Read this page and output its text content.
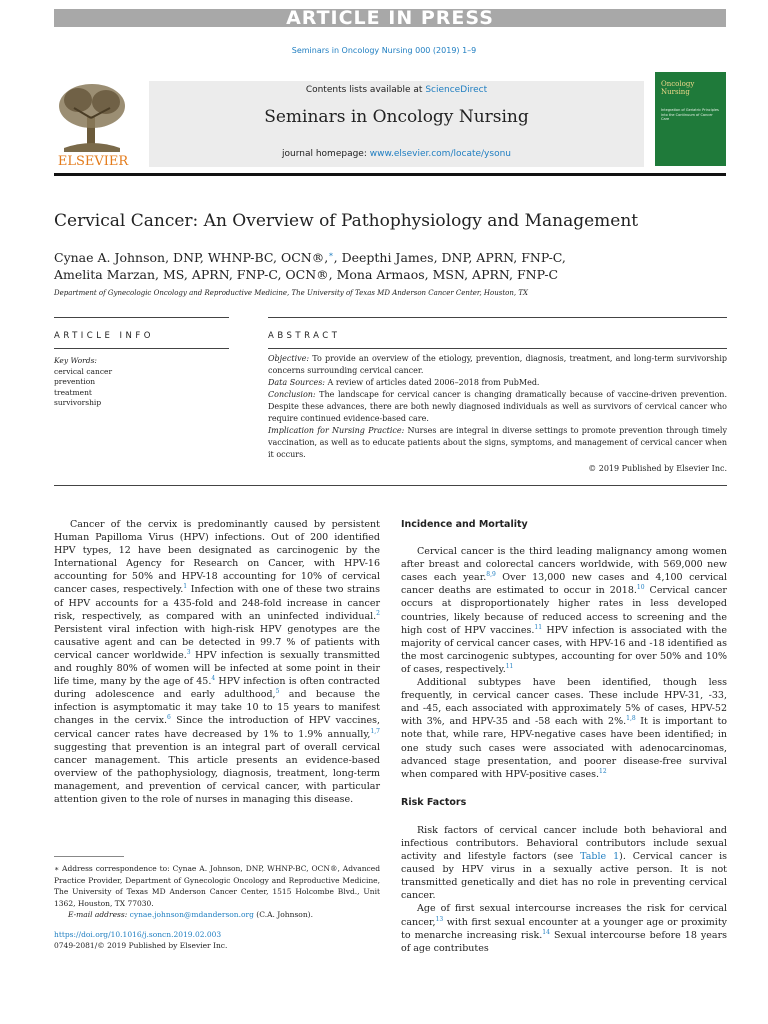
ARTICLE IN PRESS
Seminars in Oncology Nursing 000 (2019) 1–9
ELSEVIER
Contents lists available at ScienceDirect
Seminars in Oncology Nursing
journal homepage: www.elsevier.com/locate/ysonu
Oncology Nursing
Integration of Geriatric Principles into the Continuum of Cancer Care
Cervical Cancer: An Overview of Pathophysiology and Management
Cynae A. Johnson, DNP, WHNP-BC, OCN®,∗, Deepthi James, DNP, APRN, FNP-C,
Amelita Marzan, MS, APRN, FNP-C, OCN®, Mona Armaos, MSN, APRN, FNP-C
Department of Gynecologic Oncology and Reproductive Medicine, The University of Texas MD Anderson Cancer Center, Houston, TX
ARTICLE INFO	ABSTRACT
Key Words:
cervical cancer
prevention
treatment
survivorship

Objective: To provide an overview of the etiology, prevention, diagnosis, treatment, and long-term survivorship concerns surrounding cervical cancer.

Data Sources: A review of articles dated 2006–2018 from PubMed.

Conclusion: The landscape for cervical cancer is changing dramatically because of vaccine-driven prevention. Despite these advances, there are both newly diagnosed individuals as well as survivors of cervical cancer who require continued evidence-based care.

Implication for Nursing Practice: Nurses are integral in diverse settings to promote prevention through timely vaccination, as well as to educate patients about the signs, symptoms, and management of cervical cancer when it occurs.

© 2019 Published by Elsevier Inc.

Cancer of the cervix is predominantly caused by persistent Human Papilloma Virus (HPV) infections. Out of 200 identified HPV types, 12 have been designated as carcinogenic by the International Agency for Research on Cancer, with HPV-16 accounting for 50% and HPV-18 accounting for 10% of cervical cancer cases, respectively.$^1$ Infection with one of these two strains of HPV accounts for a 435-fold and 248-fold increase in cancer risk, respectively, as compared with an uninfected individual.$^2$ Persistent viral infection with high-risk HPV genotypes are the causative agent and can be detected in 99.7 % of patients with cervical cancer worldwide.$^3$ HPV infection is sexually transmitted and roughly 80% of women will be infected at some point in their life time, many by the age of 45.$^4$ HPV infection is often contracted during adolescence and early adulthood,$^5$ and because the infection is asymptomatic it may take 10 to 15 years to manifest changes in the cervix.$^6$ Since the introduction of HPV vaccines, cervical cancer rates have decreased by 1% to 1.9% annually,$^{1,7}$ suggesting that prevention is an integral part of overall cervical cancer management. This article presents an evidence-based overview of the pathophysiology, diagnosis, treatment, long-term management, and prevention of cervical cancer, with particular attention given to the role of nurses in managing this disease.

∗ Address correspondence to: Cynae A. Johnson, DNP, WHNP-BC, OCN®, Advanced Practice Provider, Department of Gynecologic Oncology and Reproductive Medicine, The University of Texas MD Anderson Cancer Center, 1515 Holcombe Blvd., Unit 1362, Houston, TX 77030.

E-mail address: cynae.johnson@mdanderson.org (C.A. Johnson).

https://doi.org/10.1016/j.soncn.2019.02.003
0749-2081/© 2019 Published by Elsevier Inc.
Incidence and Mortality

Cervical cancer is the third leading malignancy among women after breast and colorectal cancers worldwide, with 569,000 new cases each year.$^{8,9}$ Over 13,000 new cases and 4,100 cervical cancer deaths are estimated to occur in 2018.10 Cervical cancer occurs at disproportionately higher rates in less developed countries, likely because of reduced access to screening and the high cost of HPV vaccines.$^{11}$ HPV infection is associated with the majority of cervical cancer cases, with HPV-16 and -18 identified as the most carcinogenic subtypes, accounting for over 50% and 10% of cases, respectively.$^{11}$

Additional subtypes have been identified, though less frequently, in cervical cancer cases. These include HPV-31, -33, and -45, each associated with approximately 5% of cases, HPV-52 with 3%, and HPV-35 and -58 each with 2%.$^{1,8}$ It is important to note that, while rare, HPV-negative cases have been identified; in one study such cases were associated with adenocarcinomas, advanced stage presentation, and poorer disease-free survival when compared with HPV-positive cases.$^{12}$

Risk Factors

Risk factors of cervical cancer include both behavioral and infectious contributors. Behavioral contributors include sexual activity and lifestyle factors (see Table 1). Cervical cancer is caused by HPV virus in a sexually active person. It is not transmitted genetically and diet has no role in preventing cervical cancer.

Age of first sexual intercourse increases the risk for cervical cancer,$^{13}$ with first sexual encounter at a younger age or proximity to menarche increasing risk.$^{14}$ Sexual intercourse before 18 years of age contributes
